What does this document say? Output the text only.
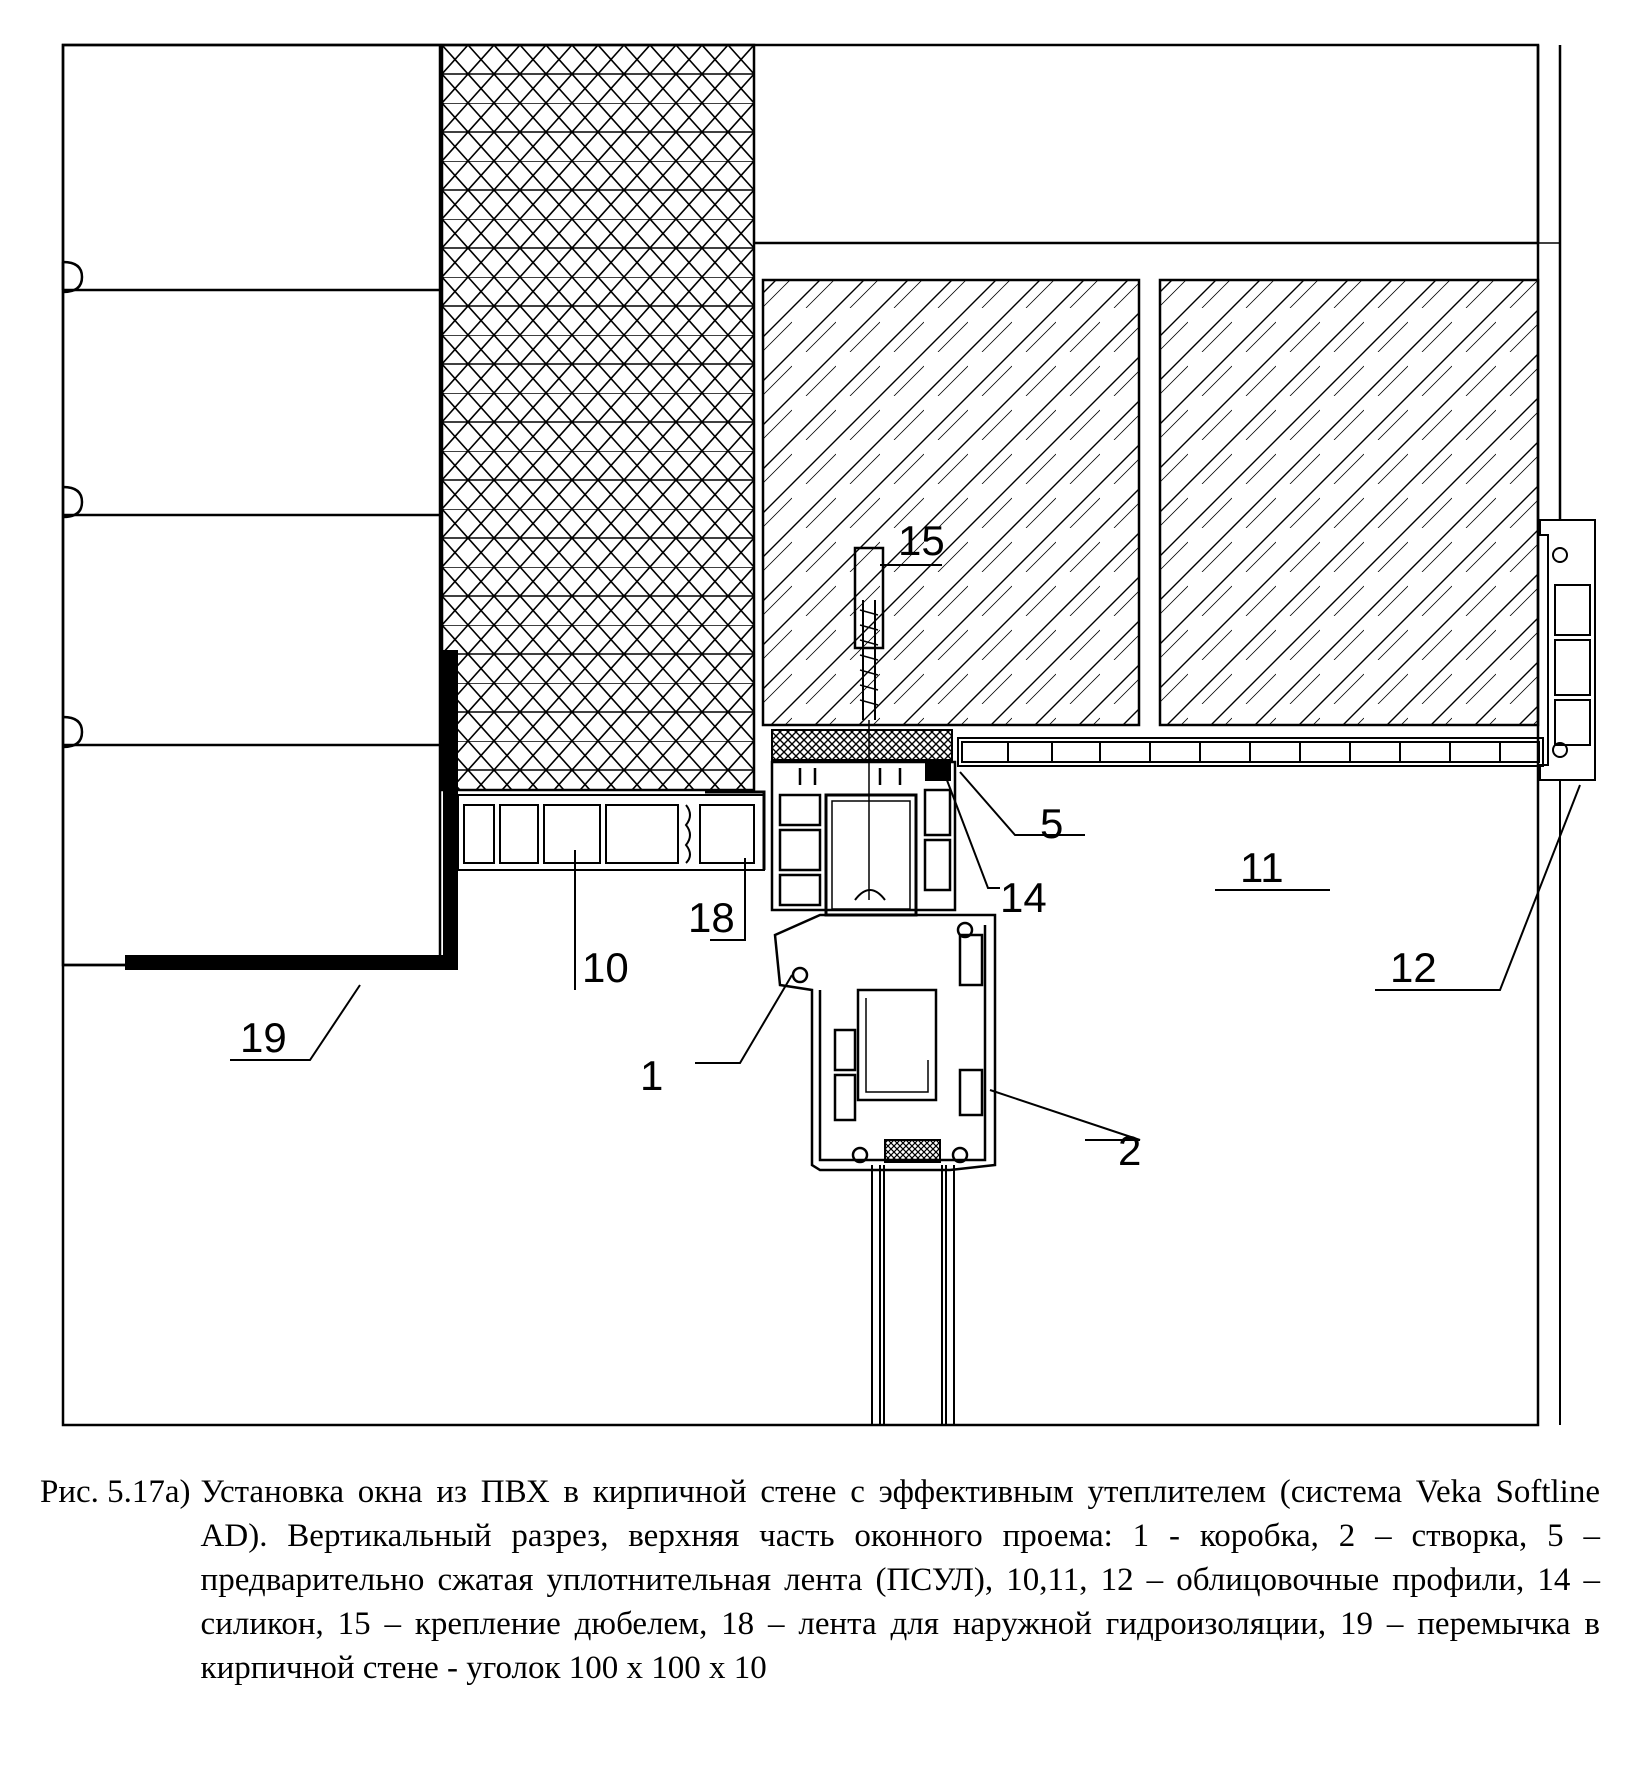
19
10
18
1
2
5
14
11
12
15
Рис. 5.17а) Установка окна из ПВХ в кирпичной стене с эффективным утеплителем (система Veka Softline AD). Вертикальный разрез, верхняя часть оконного проема: 1 - коробка, 2 – створка, 5 – предварительно сжатая уплотнительная лента (ПСУЛ), 10,11, 12 – облицовочные профили, 14 – силикон, 15 – крепление дюбелем, 18 – лента для наружной гидроизоляции, 19 – перемычка в кирпичной стене - уголок 100 х 100 х 10
